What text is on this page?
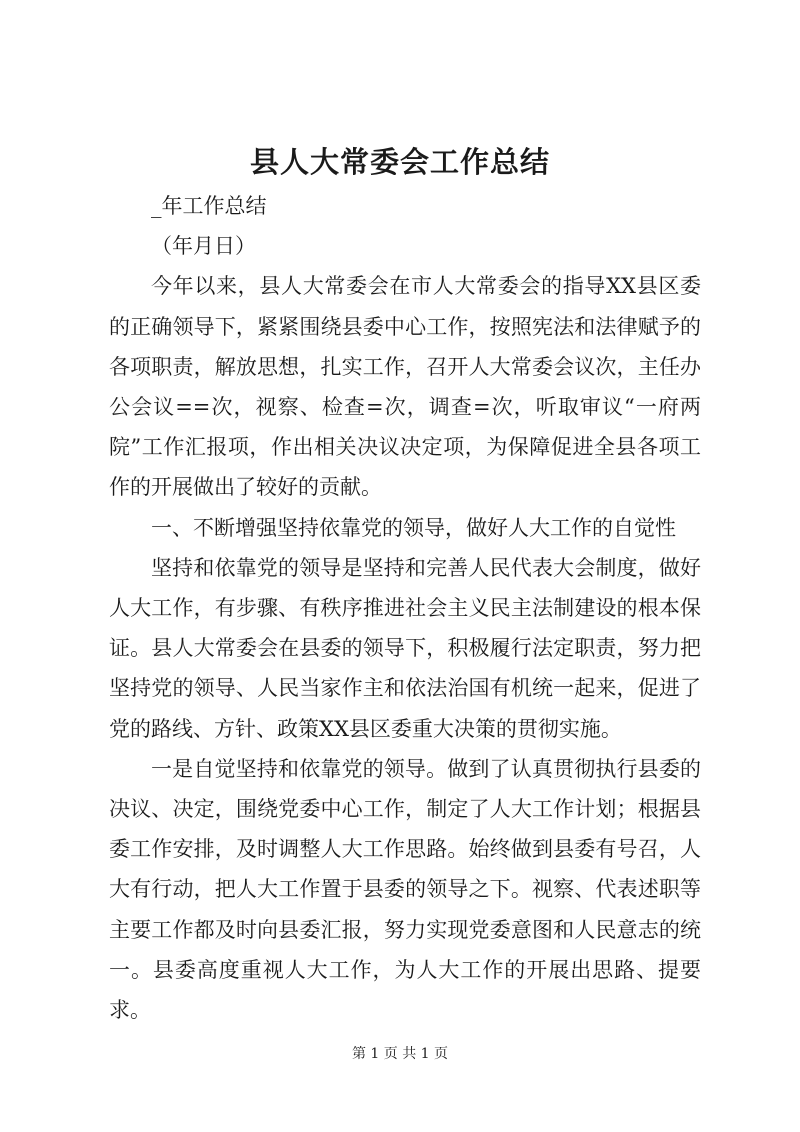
县人大常委会工作总结

_年工作总结

（年月日）

今年以来，县人大常委会在市人大常委会的指导XX县区委的正确领导下，紧紧围绕县委中心工作，按照宪法和法律赋予的各项职责，解放思想，扎实工作，召开人大常委会议次，主任办公会议==次，视察、检查=次，调查=次，听取审议“一府两院”工作汇报项，作出相关决议决定项，为保障促进全县各项工作的开展做出了较好的贡献。

一、不断增强坚持依靠党的领导，做好人大工作的自觉性

坚持和依靠党的领导是坚持和完善人民代表大会制度，做好人大工作，有步骤、有秩序推进社会主义民主法制建设的根本保证。县人大常委会在县委的领导下，积极履行法定职责，努力把坚持党的领导、人民当家作主和依法治国有机统一起来，促进了党的路线、方针、政策XX县区委重大决策的贯彻实施。

一是自觉坚持和依靠党的领导。做到了认真贯彻执行县委的决议、决定，围绕党委中心工作，制定了人大工作计划；根据县委工作安排，及时调整人大工作思路。始终做到县委有号召，人大有行动，把人大工作置于县委的领导之下。视察、代表述职等主要工作都及时向县委汇报，努力实现党委意图和人民意志的统一。县委高度重视人大工作，为人大工作的开展出思路、提要求。

第 1 页 共 1 页
